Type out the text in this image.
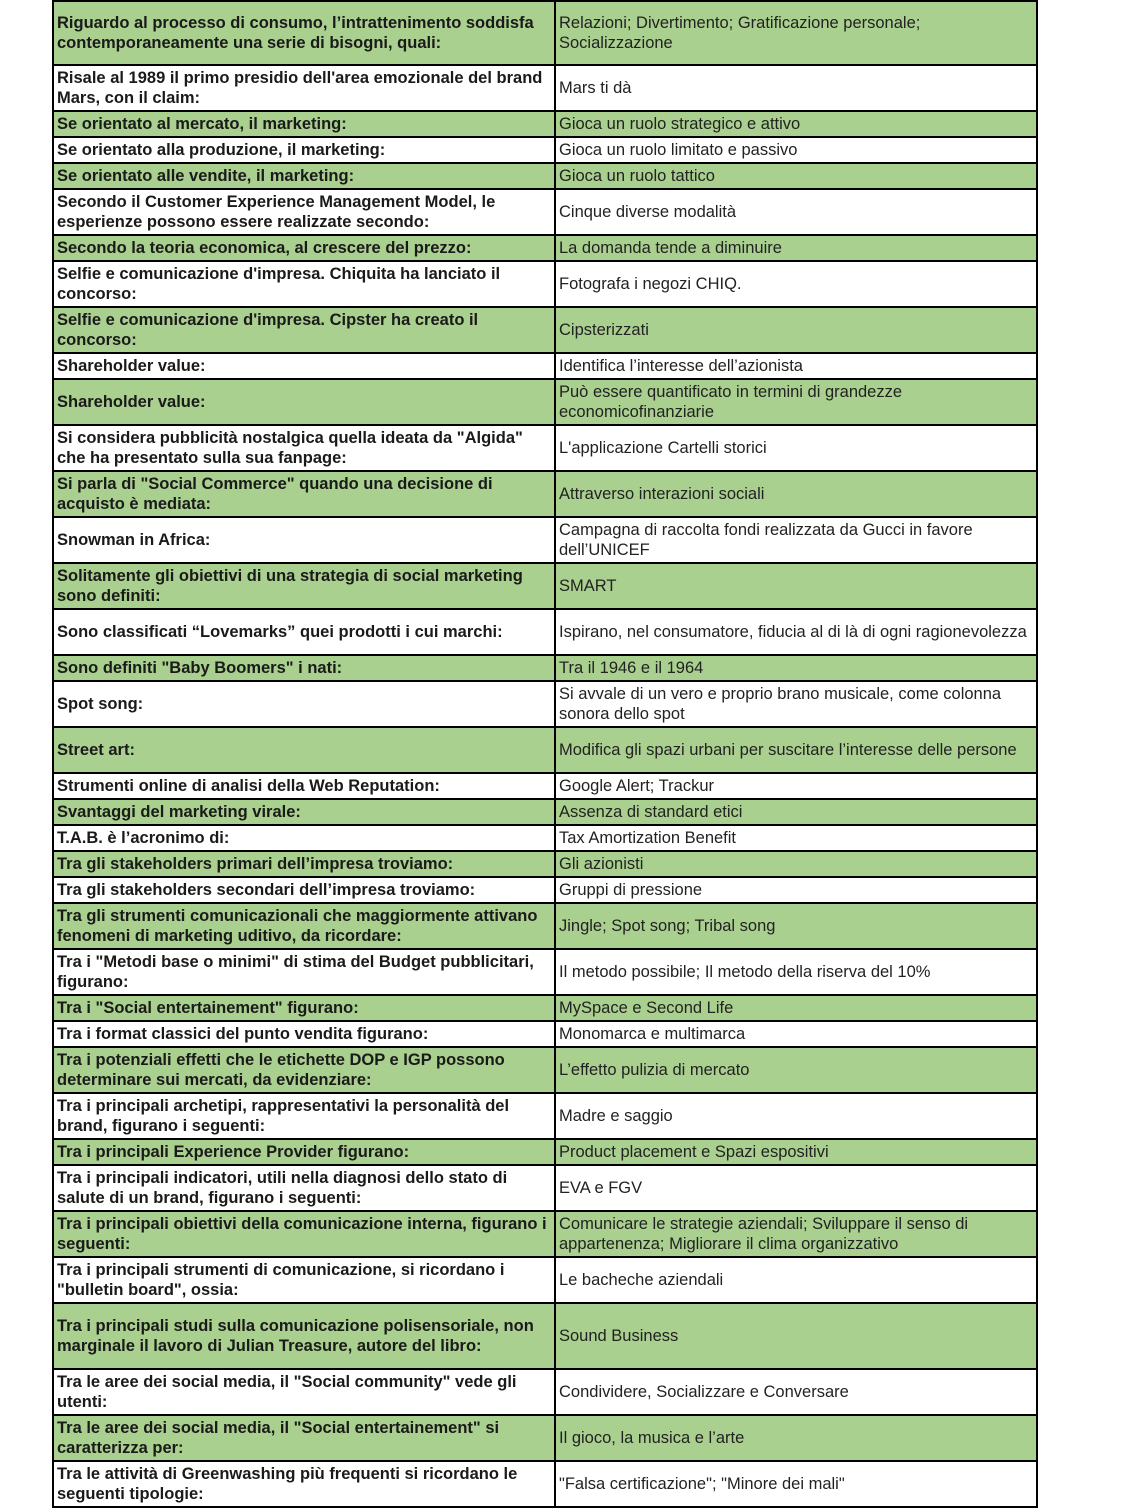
Riguardo al processo di consumo, l’intrattenimento soddisfa contemporaneamente una serie di bisogni, quali:	Relazioni; Divertimento; Gratificazione personale; Socializzazione
Risale al 1989 il primo presidio dell'area emozionale del brand Mars, con il claim:	Mars ti dà
Se orientato al mercato, il marketing:	Gioca un ruolo strategico e attivo
Se orientato alla produzione, il marketing:	Gioca un ruolo limitato e passivo
Se orientato alle vendite, il marketing:	Gioca un ruolo tattico
Secondo il Customer Experience Management Model, le esperienze possono essere realizzate secondo:	Cinque diverse modalità
Secondo la teoria economica, al crescere del prezzo:	La domanda tende a diminuire
Selfie e comunicazione d'impresa. Chiquita ha lanciato il concorso:	Fotografa i negozi CHIQ.
Selfie e comunicazione d'impresa. Cipster ha creato il concorso:	Cipsterizzati
Shareholder value:	Identifica l’interesse dell’azionista
Shareholder value:	Può essere quantificato in termini di grandezze economicofinanziarie
Si considera pubblicità nostalgica quella ideata da "Algida" che ha presentato sulla sua fanpage:	L'applicazione Cartelli storici
Si parla di "Social Commerce" quando una decisione di acquisto è mediata:	Attraverso interazioni sociali
Snowman in Africa:	Campagna di raccolta fondi realizzata da Gucci in favore dell’UNICEF
Solitamente gli obiettivi di una strategia di social marketing sono definiti:	SMART
Sono classificati “Lovemarks” quei prodotti i cui marchi:	Ispirano, nel consumatore, fiducia al di là di ogni ragionevolezza
Sono definiti "Baby Boomers" i nati:	Tra il 1946 e il 1964
Spot song:	Si avvale di un vero e proprio brano musicale, come colonna sonora dello spot
Street art:	Modifica gli spazi urbani per suscitare l’interesse delle persone
Strumenti online di analisi della Web Reputation:	Google Alert; Trackur
Svantaggi del marketing virale:	Assenza di standard etici
T.A.B. è l’acronimo di:	Tax Amortization Benefit
Tra gli stakeholders primari dell’impresa troviamo:	Gli azionisti
Tra gli stakeholders secondari dell’impresa troviamo:	Gruppi di pressione
Tra gli strumenti comunicazionali che maggiormente attivano fenomeni di marketing uditivo, da ricordare:	Jingle; Spot song; Tribal song
Tra i "Metodi base o minimi" di stima del Budget pubblicitari, figurano:	Il metodo possibile; Il metodo della riserva del 10%
Tra i "Social entertainement" figurano:	MySpace e Second Life
Tra i format classici del punto vendita figurano:	Monomarca e multimarca
Tra i potenziali effetti che le etichette DOP e IGP possono determinare sui mercati, da evidenziare:	L’effetto pulizia di mercato
Tra i principali archetipi, rappresentativi la personalità del brand, figurano i seguenti:	Madre e saggio
Tra i principali Experience Provider figurano:	Product placement e Spazi espositivi
Tra i principali indicatori, utili nella diagnosi dello stato di salute di un brand, figurano i seguenti:	EVA e FGV
Tra i principali obiettivi della comunicazione interna, figurano i seguenti:	Comunicare le strategie aziendali; Sviluppare il senso di appartenenza; Migliorare il clima organizzativo
Tra i principali strumenti di comunicazione, si ricordano i "bulletin board", ossia:	Le bacheche aziendali
Tra i principali studi sulla comunicazione polisensoriale, non marginale il lavoro di Julian Treasure, autore del libro:	Sound Business
Tra le aree dei social media, il "Social community" vede gli utenti:	Condividere, Socializzare e Conversare
Tra le aree dei social media, il "Social entertainement" si caratterizza per:	Il gioco, la musica e l’arte
Tra le attività di Greenwashing più frequenti si ricordano le seguenti tipologie:	"Falsa certificazione"; "Minore dei mali"
